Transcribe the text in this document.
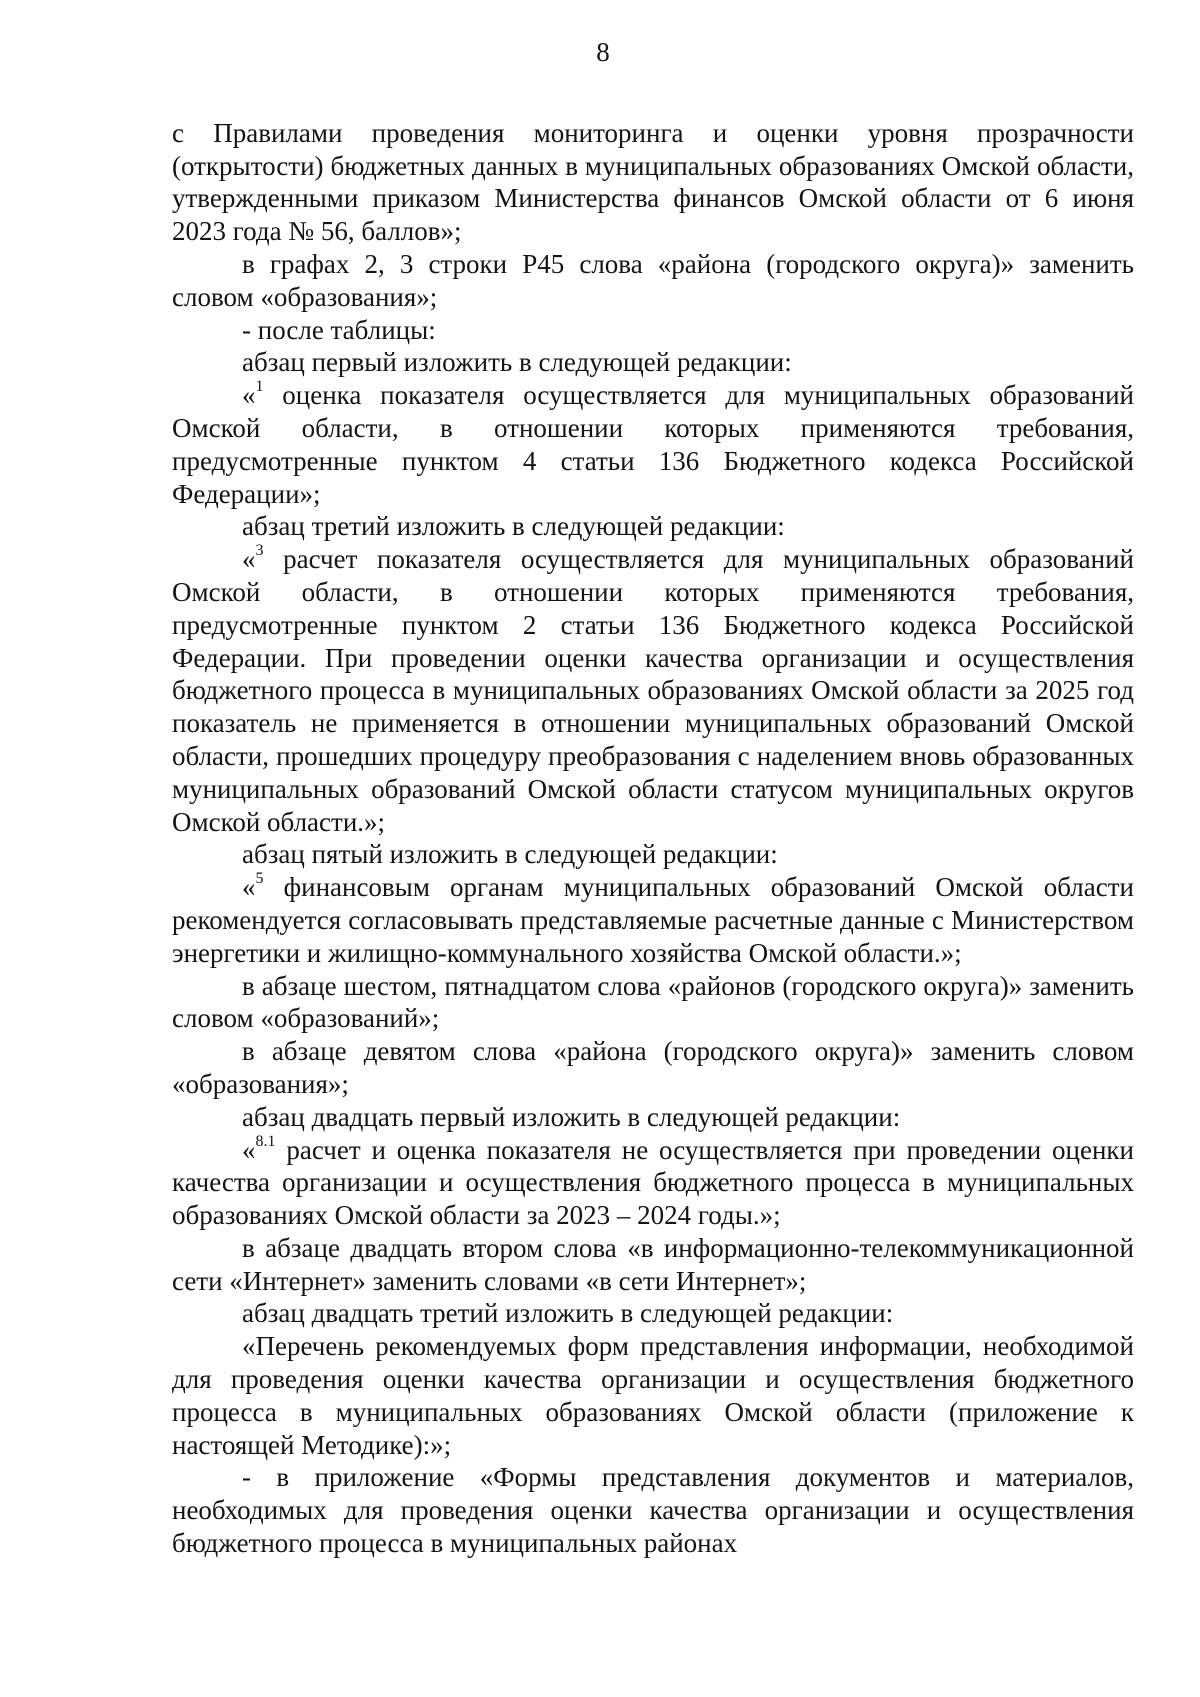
8

с Правилами проведения мониторинга и оценки уровня прозрачности (открытости) бюджетных данных в муниципальных образованиях Омской области, утвержденными приказом Министерства финансов Омской области от 6 июня 2023 года № 56, баллов»;

в графах 2, 3 строки Р45 слова «района (городского округа)» заменить словом «образования»;

- после таблицы:

абзац первый изложить в следующей редакции:

«$^1$ оценка показателя осуществляется для муниципальных образований Омской области, в отношении которых применяются требования, предусмотренные пунктом 4 статьи 136 Бюджетного кодекса Российской Федерации»;

абзац третий изложить в следующей редакции:

«$^3$ расчет показателя осуществляется для муниципальных образований Омской области, в отношении которых применяются требования, предусмотренные пунктом 2 статьи 136 Бюджетного кодекса Российской Федерации. При проведении оценки качества организации и осуществления бюджетного процесса в муниципальных образованиях Омской области за 2025 год показатель не применяется в отношении муниципальных образований Омской области, прошедших процедуру преобразования с наделением вновь образованных муниципальных образований Омской области статусом муниципальных округов Омской области.»;

абзац пятый изложить в следующей редакции:

«$^5$ финансовым органам муниципальных образований Омской области рекомендуется согласовывать представляемые расчетные данные с Министерством энергетики и жилищно-коммунального хозяйства Омской области.»;

в абзаце шестом, пятнадцатом слова «районов (городского округа)» заменить словом «образований»;

в абзаце девятом слова «района (городского округа)» заменить словом «образования»;

абзац двадцать первый изложить в следующей редакции:

«$^{8.1}$ расчет и оценка показателя не осуществляется при проведении оценки качества организации и осуществления бюджетного процесса в муниципальных образованиях Омской области за 2023 – 2024 годы.»;

в абзаце двадцать втором слова «в информационно-телекоммуникационной сети «Интернет» заменить словами «в сети Интернет»;

абзац двадцать третий изложить в следующей редакции:

«Перечень рекомендуемых форм представления информации, необходимой для проведения оценки качества организации и осуществления бюджетного процесса в муниципальных образованиях Омской области (приложение к настоящей Методике):»;

- в приложение «Формы представления документов и материалов, необходимых для проведения оценки качества организации и осуществления бюджетного процесса в муниципальных районах
